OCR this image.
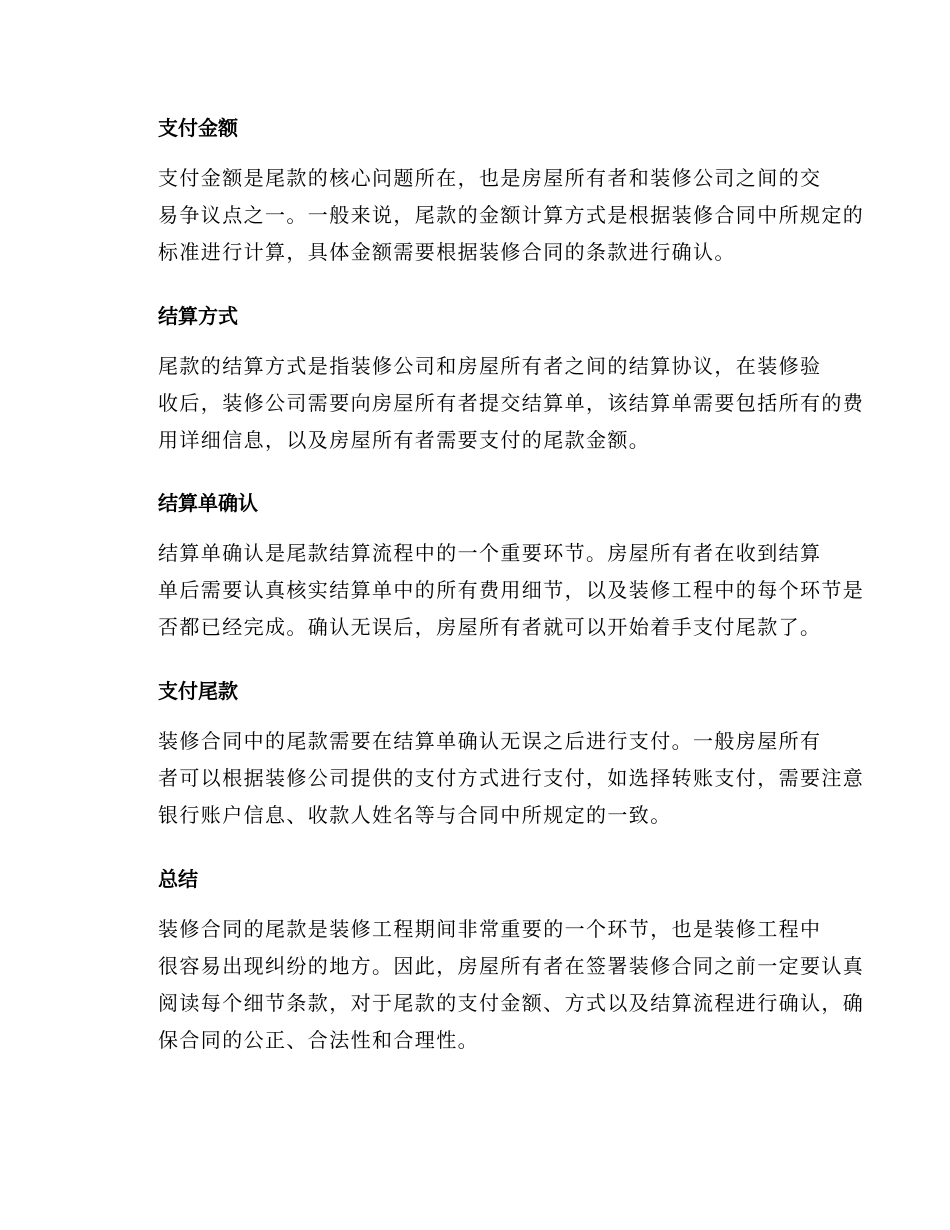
支付金额

支付金额是尾款的核心问题所在，也是房屋所有者和装修公司之间的交
易争议点之一。一般来说，尾款的金额计算方式是根据装修合同中所规定的
标准进行计算，具体金额需要根据装修合同的条款进行确认。

结算方式

尾款的结算方式是指装修公司和房屋所有者之间的结算协议，在装修验
收后，装修公司需要向房屋所有者提交结算单，该结算单需要包括所有的费
用详细信息，以及房屋所有者需要支付的尾款金额。

结算单确认

结算单确认是尾款结算流程中的一个重要环节。房屋所有者在收到结算
单后需要认真核实结算单中的所有费用细节，以及装修工程中的每个环节是
否都已经完成。确认无误后，房屋所有者就可以开始着手支付尾款了。

支付尾款

装修合同中的尾款需要在结算单确认无误之后进行支付。一般房屋所有
者可以根据装修公司提供的支付方式进行支付，如选择转账支付，需要注意
银行账户信息、收款人姓名等与合同中所规定的一致。

总结

装修合同的尾款是装修工程期间非常重要的一个环节，也是装修工程中
很容易出现纠纷的地方。因此，房屋所有者在签署装修合同之前一定要认真
阅读每个细节条款，对于尾款的支付金额、方式以及结算流程进行确认，确
保合同的公正、合法性和合理性。
